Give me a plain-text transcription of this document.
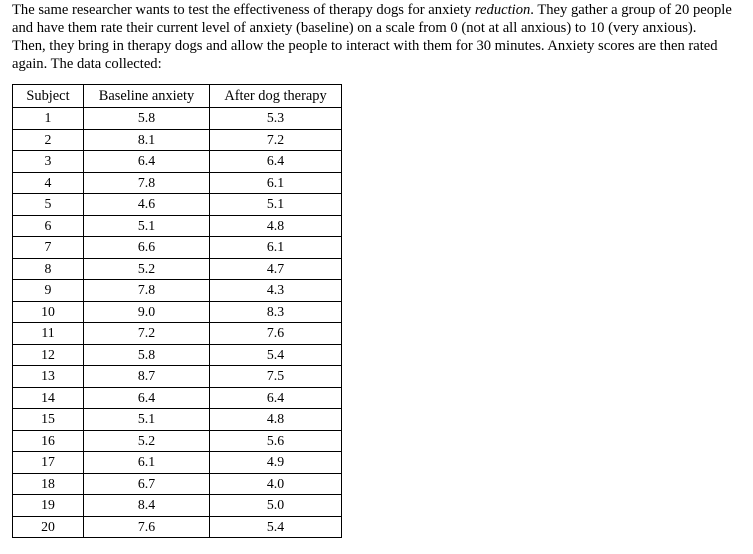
The same researcher wants to test the effectiveness of therapy dogs for anxiety reduction. They gather a group of 20 people and have them rate their current level of anxiety (baseline) on a scale from 0 (not at all anxious) to 10 (very anxious). Then, they bring in therapy dogs and allow the people to interact with them for 30 minutes. Anxiety scores are then rated again. The data collected:

Subject	Baseline anxiety	After dog therapy
1	5.8	5.3
2	8.1	7.2
3	6.4	6.4
4	7.8	6.1
5	4.6	5.1
6	5.1	4.8
7	6.6	6.1
8	5.2	4.7
9	7.8	4.3
10	9.0	8.3
11	7.2	7.6
12	5.8	5.4
13	8.7	7.5
14	6.4	6.4
15	5.1	4.8
16	5.2	5.6
17	6.1	4.9
18	6.7	4.0
19	8.4	5.0
20	7.6	5.4
